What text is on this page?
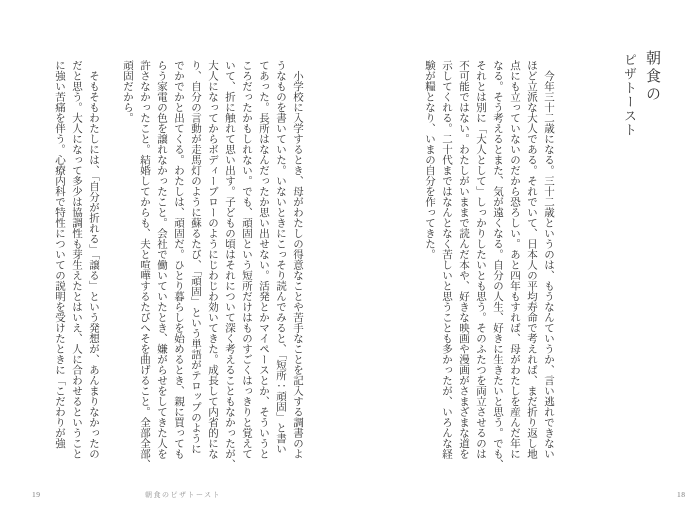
朝食の
ピザトースト
　今年三十二歳になる。三十二歳というのは、もうなんていうか、言い逃れできない
ほど立派な大人である。それでいて、日本人の平均寿命で考えれば、まだ折り返し地
点にも立っていないのだから恐ろしい。あと四年もすれば、母がわたしを産んだ年に
なる。そう考えるとまた、気が遠くなる。自分の人生、好きに生きたいと思う。でも、
それとは別に「大人として」しっかりしたいとも思う。そのふたつを両立させるのは
不可能ではない。わたしがいままで読んだ本や、好きな映画や漫画がさまざまな道を
示してくれる。二十代まではなんとなく苦しいと思うことも多かったが、いろんな経
験が糧となり、いまの自分を作ってきた。
18
　小学校に入学するとき、母がわたしの得意なことや苦手なことを記入する調書のよ
うなものを書いていた。いないときにこっそり読んでみると、「短所：頑固」と書い
てあった。長所はなんだったか思い出せない。活発とかマイペースとか、そういうと
ころだったかもしれない。でも、頑固という短所だけはものすごくはっきりと覚えて
いて、折に触れて思い出す。子どもの頃はそれについて深く考えることもなかったが、
大人になってからボディーブローのようにじわじわ効いてきた。成長して内省的にな
り、自分の言動が走馬灯のように蘇るたび、「頑固」という単語がテロップのように
でかでかと出てくる。わたしは、頑固だ。ひとり暮らしを始めるとき、親に買っても
らう家電の色を譲れなかったこと。会社で働いていたとき、嫌がらせをしてきた人を
許さなかったこと。結婚してからも、夫と喧嘩するたびへそを曲げること。全部全部、
頑固だから。
　そもそもわたしには、「自分が折れる」「譲る」という発想が、あんまりなかったの
だと思う。大人になって多少は協調性も芽生えたとはいえ、人に合わせるということ
に強い苦痛を伴う。心療内科で特性についての説明を受けたときに「こだわりが強
朝食のピザトースト
19
